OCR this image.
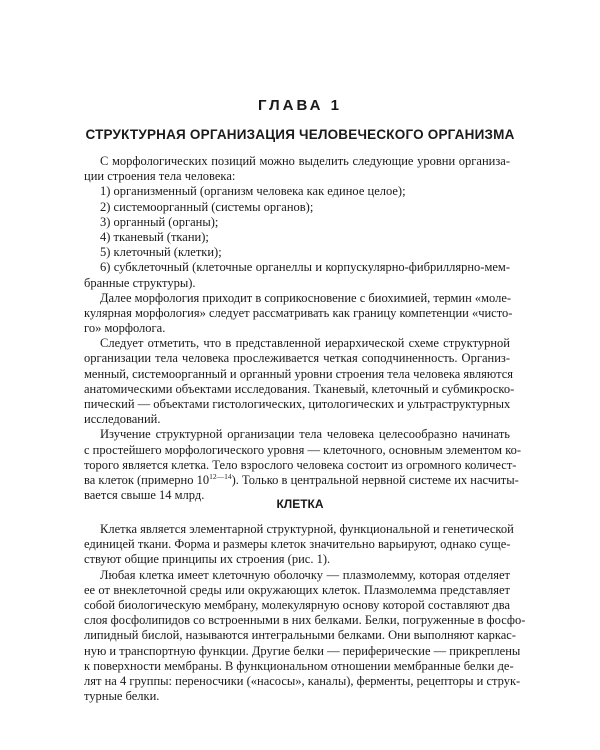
ГЛАВА 1
СТРУКТУРНАЯ ОРГАНИЗАЦИЯ ЧЕЛОВЕЧЕСКОГО ОРГАНИЗМА
С морфологических позиций можно выделить следующие уровни организа-
ции строения тела человека:
1) организменный (организм человека как единое целое);
2) системоорганный (системы органов);
3) органный (органы);
4) тканевый (ткани);
5) клеточный (клетки);
6) субклеточный (клеточные органеллы и корпускулярно-фибриллярно-мем-
бранные структуры).
Далее морфология приходит в соприкосновение с биохимией, термин «моле-
кулярная морфология» следует рассматривать как границу компетенции «чисто-
го» морфолога.
Следует отметить, что в представленной иерархической схеме структурной
организации тела человека прослеживается четкая соподчиненность. Организ-
менный, системоорганный и органный уровни строения тела человека являются
анатомическими объектами исследования. Тканевый, клеточный и субмикроско-
пический — объектами гистологических, цитологических и ультраструктурных
исследований.
Изучение структурной организации тела человека целесообразно начинать
с простейшего морфологического уровня — клеточного, основным элементом ко-
торого является клетка. Тело взрослого человека состоит из огромного количест-
ва клеток (примерно $10^{12—14}$). Только в центральной нервной системе их насчиты-
вается свыше 14 млрд.
КЛЕТКА
Клетка является элементарной структурной, функциональной и генетической
единицей ткани. Форма и размеры клеток значительно варьируют, однако суще-
ствуют общие принципы их строения (рис. 1).
Любая клетка имеет клеточную оболочку — плазмолемму, которая отделяет
ее от внеклеточной среды или окружающих клеток. Плазмолемма представляет
собой биологическую мембрану, молекулярную основу которой составляют два
слоя фосфолипидов со встроенными в них белками. Белки, погруженные в фосфо-
липидный бислой, называются интегральными белками. Они выполняют каркас-
ную и транспортную функции. Другие белки — периферические — прикреплены
к поверхности мембраны. В функциональном отношении мембранные белки де-
лят на 4 группы: переносчики («насосы», каналы), ферменты, рецепторы и струк-
турные белки.
